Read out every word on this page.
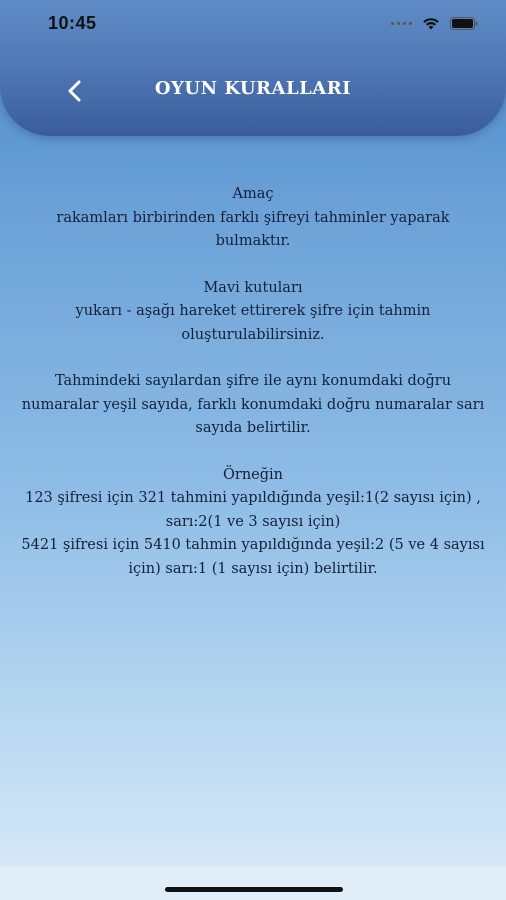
10:45
OYUN KURALLARI

Amaç

rakamları birbirinden farklı şifreyi tahminler yaparak bulmaktır.

Mavi kutuları

yukarı - aşağı hareket ettirerek şifre için tahmin oluşturulabilirsiniz.

Tahmindeki sayılardan şifre ile aynı konumdaki doğru numaralar yeşil sayıda, farklı konumdaki doğru numaralar sarı sayıda belirtilir.

Örneğin

123 şifresi için 321 tahmini yapıldığında yeşil:1(2 sayısı için) , sarı:2(1 ve 3 sayısı için)

5421 şifresi için 5410 tahmin yapıldığında yeşil:2 (5 ve 4 sayısı için) sarı:1 (1 sayısı için) belirtilir.
